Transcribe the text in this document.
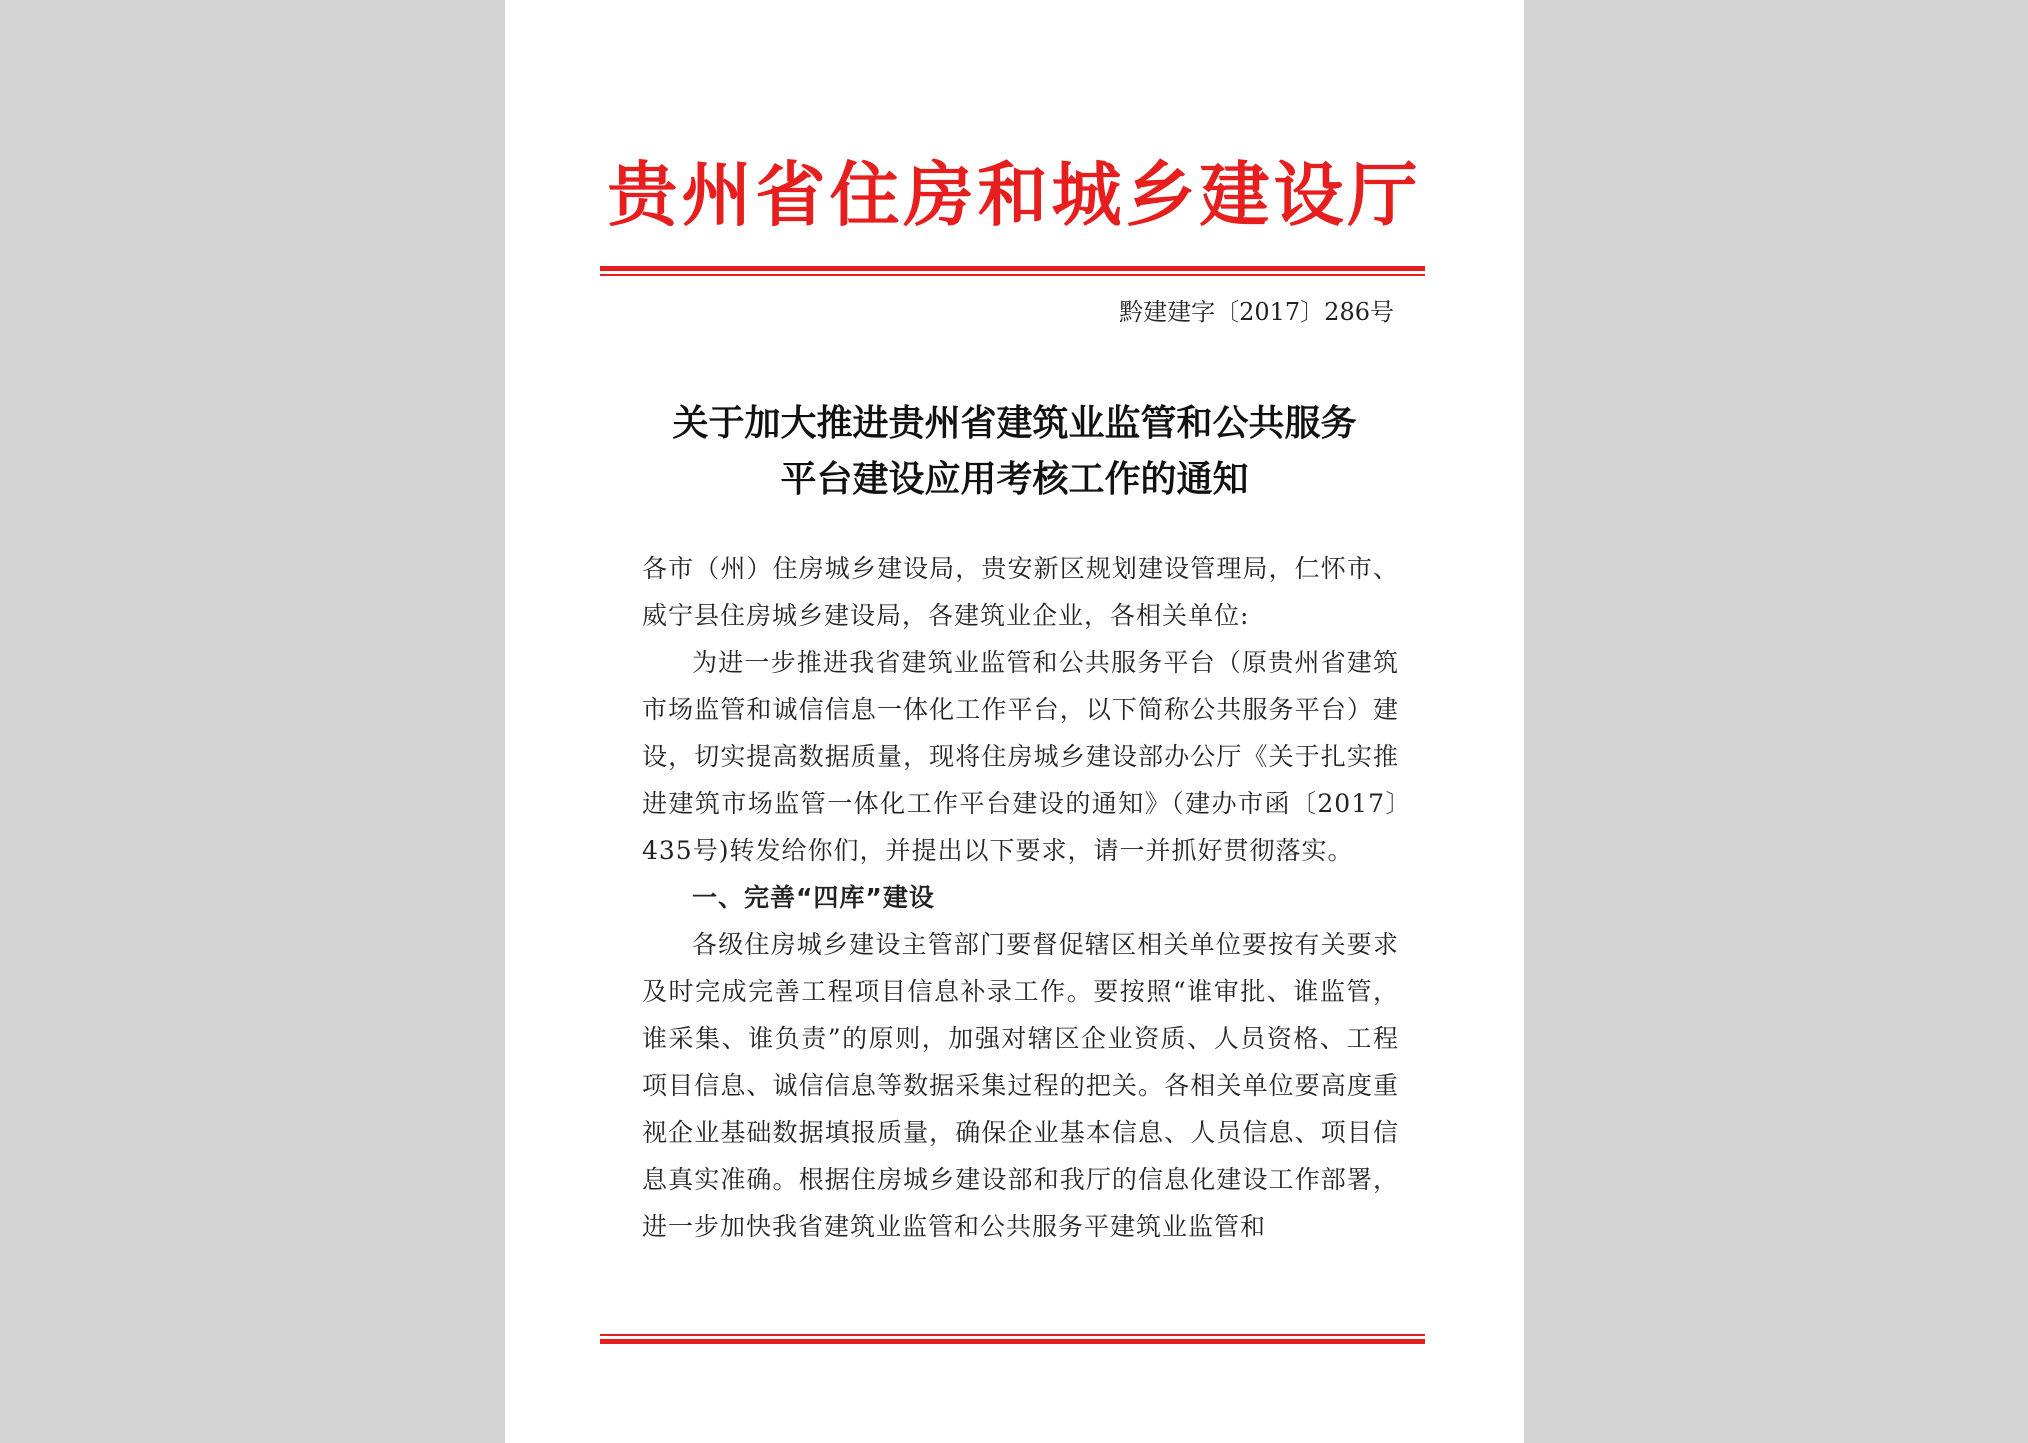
贵州省住房和城乡建设厅
黔建建字〔2017〕286号
关于加大推进贵州省建筑业监管和公共服务
平台建设应用考核工作的通知

各市（州）住房城乡建设局，贵安新区规划建设管理局，仁怀市、威宁县住房城乡建设局，各建筑业企业，各相关单位:

为进一步推进我省建筑业监管和公共服务平台（原贵州省建筑市场监管和诚信信息一体化工作平台，以下简称公共服务平台）建设，切实提高数据质量，现将住房城乡建设部办公厅《关于扎实推进建筑市场监管一体化工作平台建设的通知》（建办市函〔2017〕435号)转发给你们，并提出以下要求，请一并抓好贯彻落实。

一、完善“四库”建设

各级住房城乡建设主管部门要督促辖区相关单位要按有关要求及时完成完善工程项目信息补录工作。要按照“谁审批、谁监管，谁采集、谁负责”的原则，加强对辖区企业资质、人员资格、工程项目信息、诚信信息等数据采集过程的把关。各相关单位要高度重视企业基础数据填报质量，确保企业基本信息、人员信息、项目信息真实准确。根据住房城乡建设部和我厅的信息化建设工作部署，进一步加快我省建筑业监管和公共服务平建筑业监管和
